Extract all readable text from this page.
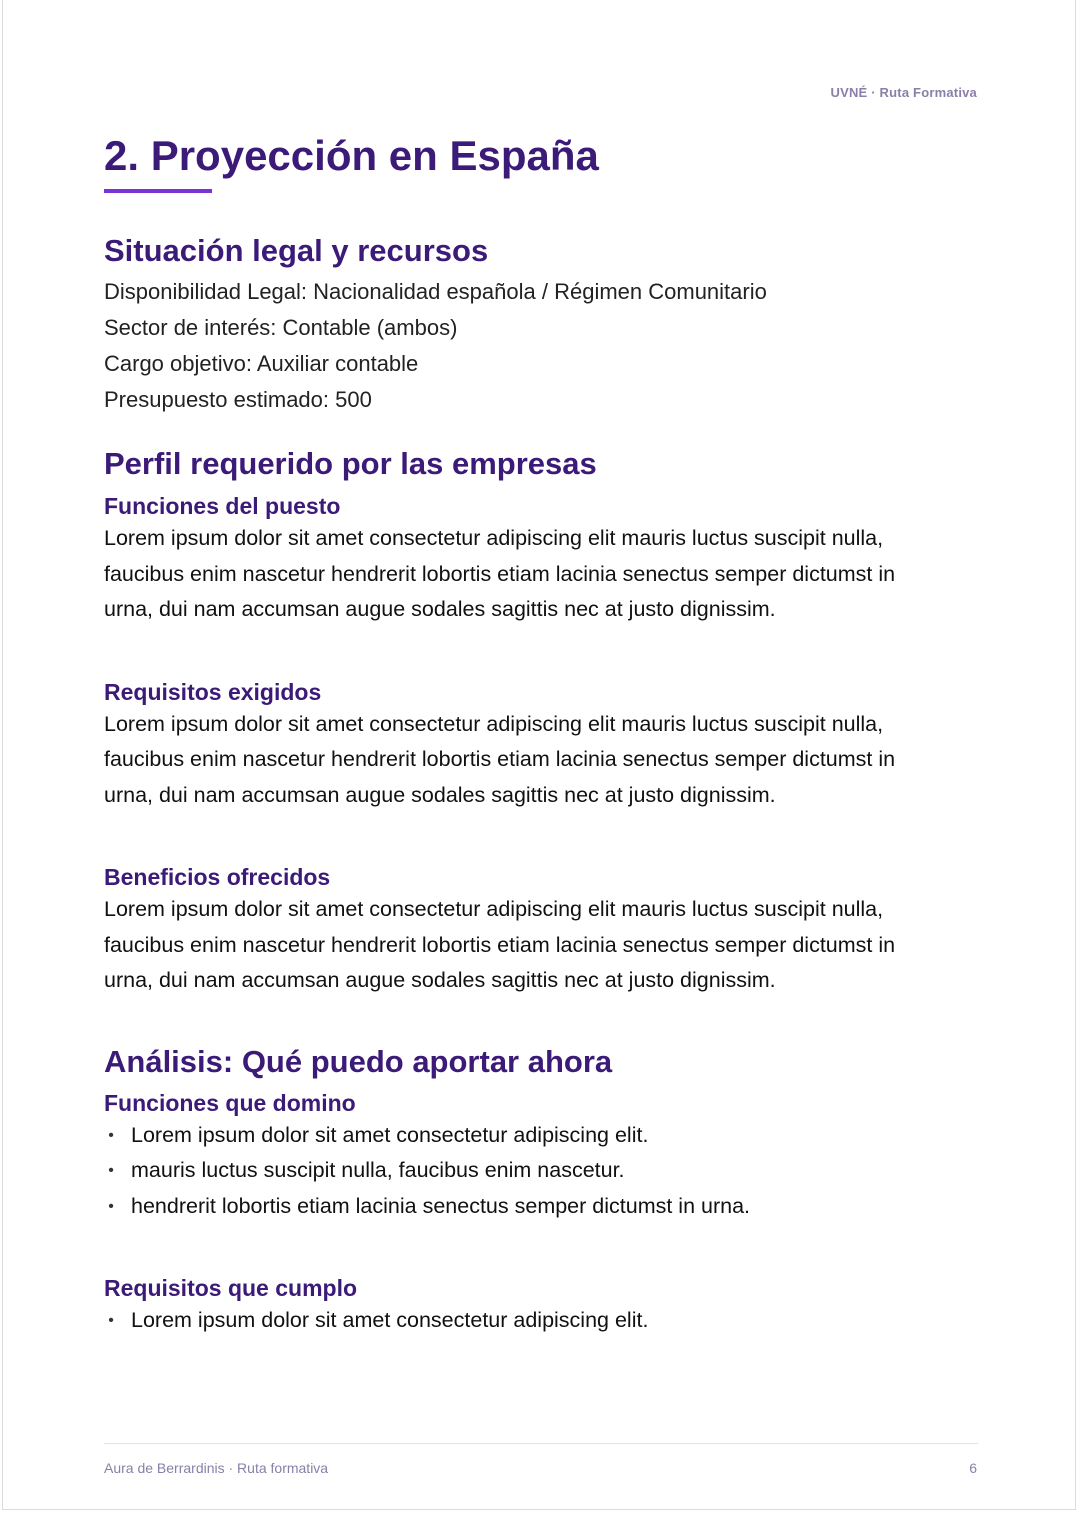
UVNÉ · Ruta Formativa
2. Proyección en España
Situación legal y recursos
Disponibilidad Legal: Nacionalidad española / Régimen Comunitario
Sector de interés: Contable (ambos)
Cargo objetivo: Auxiliar contable
Presupuesto estimado: 500
Perfil requerido por las empresas
Funciones del puesto
Lorem ipsum dolor sit amet consectetur adipiscing elit mauris luctus suscipit nulla,
faucibus enim nascetur hendrerit lobortis etiam lacinia senectus semper dictumst in
urna, dui nam accumsan augue sodales sagittis nec at justo dignissim.
Requisitos exigidos
Lorem ipsum dolor sit amet consectetur adipiscing elit mauris luctus suscipit nulla,
faucibus enim nascetur hendrerit lobortis etiam lacinia senectus semper dictumst in
urna, dui nam accumsan augue sodales sagittis nec at justo dignissim.
Beneficios ofrecidos
Lorem ipsum dolor sit amet consectetur adipiscing elit mauris luctus suscipit nulla,
faucibus enim nascetur hendrerit lobortis etiam lacinia senectus semper dictumst in
urna, dui nam accumsan augue sodales sagittis nec at justo dignissim.
Análisis: Qué puedo aportar ahora
Funciones que domino
• Lorem ipsum dolor sit amet consectetur adipiscing elit.
• mauris luctus suscipit nulla, faucibus enim nascetur.
• hendrerit lobortis etiam lacinia senectus semper dictumst in urna.
Requisitos que cumplo
• Lorem ipsum dolor sit amet consectetur adipiscing elit.
Aura de Berrardinis · Ruta formativa	6
